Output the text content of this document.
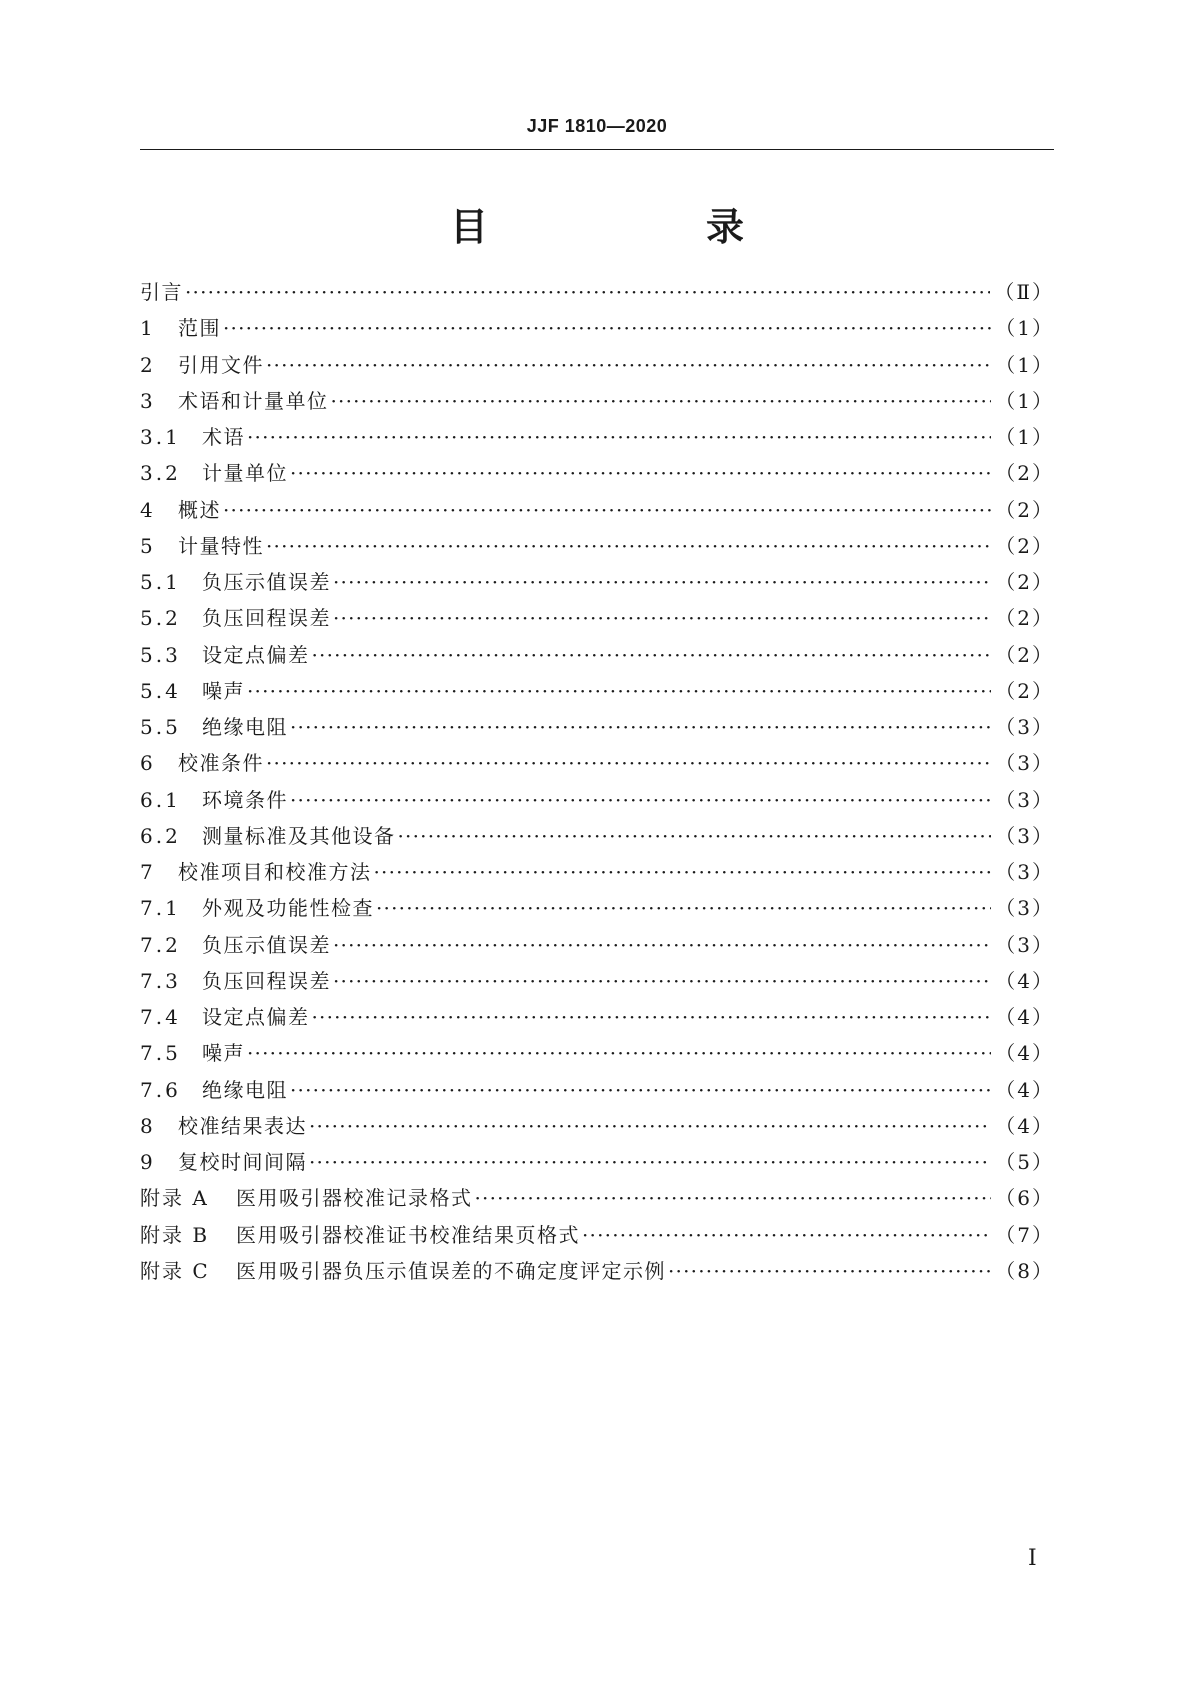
JJF 1810—2020
目　录
引言 ·····	（Ⅱ）
1	范围 ·····	（1）
2	引用文件 ·····	（1）
3	术语和计量单位 ·····	（1）
3.1	术语 ·····	（1）
3.2	计量单位 ·····	（2）
4	概述 ·····	（2）
5	计量特性 ·····	（2）
5.1	负压示值误差 ·····	（2）
5.2	负压回程误差 ·····	（2）
5.3	设定点偏差 ·····	（2）
5.4	噪声 ·····	（2）
5.5	绝缘电阻 ·····	（3）
6	校准条件 ·····	（3）
6.1	环境条件 ·····	（3）
6.2	测量标准及其他设备 ·····	（3）
7	校准项目和校准方法 ·····	（3）
7.1	外观及功能性检查 ·····	（3）
7.2	负压示值误差 ·····	（3）
7.3	负压回程误差 ·····	（4）
7.4	设定点偏差 ·····	（4）
7.5	噪声 ·····	（4）
7.6	绝缘电阻 ·····	（4）
8	校准结果表达 ·····	（4）
9	复校时间间隔 ·····	（5）
附录 A	医用吸引器校准记录格式 ·····	（6）
附录 B	医用吸引器校准证书校准结果页格式 ·····	（7）
附录 C	医用吸引器负压示值误差的不确定度评定示例 ·····	（8）
I
